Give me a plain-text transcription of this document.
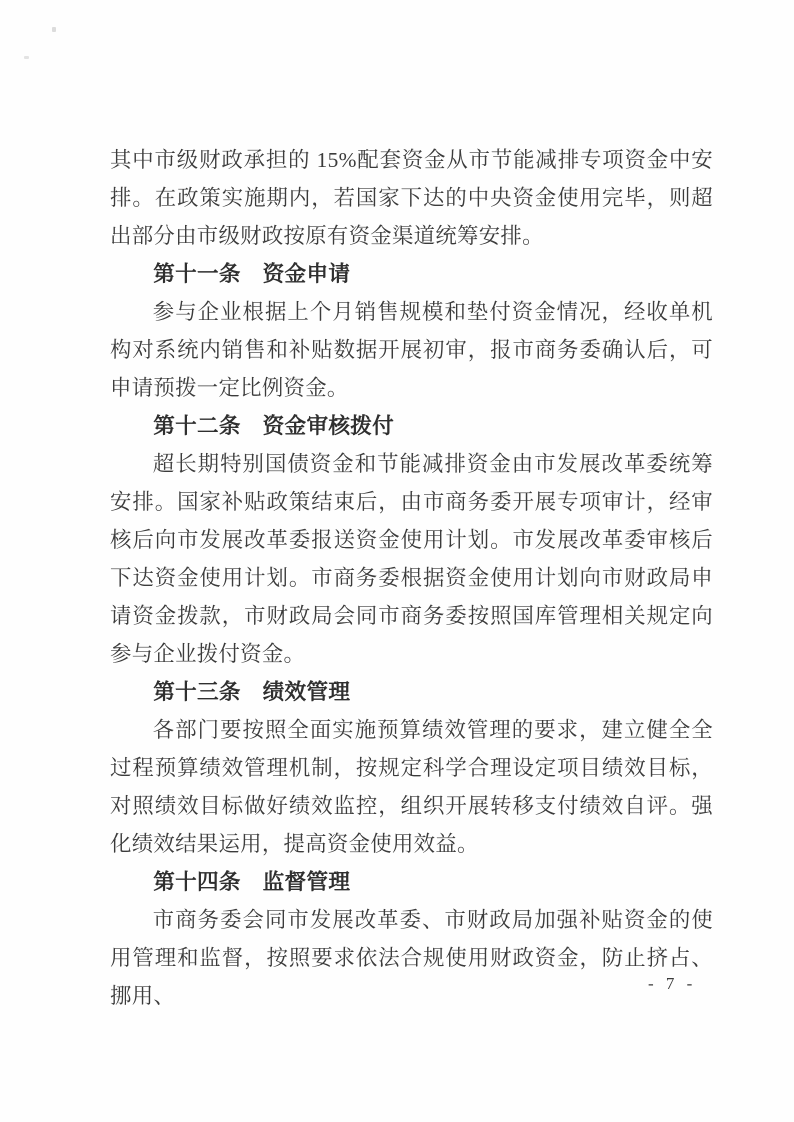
其中市级财政承担的 15%配套资金从市节能减排专项资金中安排。在政策实施期内，若国家下达的中央资金使用完毕，则超出部分由市级财政按原有资金渠道统筹安排。

第十一条　资金申请

参与企业根据上个月销售规模和垫付资金情况，经收单机构对系统内销售和补贴数据开展初审，报市商务委确认后，可申请预拨一定比例资金。

第十二条　资金审核拨付

超长期特别国债资金和节能减排资金由市发展改革委统筹安排。国家补贴政策结束后，由市商务委开展专项审计，经审核后向市发展改革委报送资金使用计划。市发展改革委审核后下达资金使用计划。市商务委根据资金使用计划向市财政局申请资金拨款，市财政局会同市商务委按照国库管理相关规定向参与企业拨付资金。

第十三条　绩效管理

各部门要按照全面实施预算绩效管理的要求，建立健全全过程预算绩效管理机制，按规定科学合理设定项目绩效目标，对照绩效目标做好绩效监控，组织开展转移支付绩效自评。强化绩效结果运用，提高资金使用效益。

第十四条　监督管理

市商务委会同市发展改革委、市财政局加强补贴资金的使用管理和监督，按照要求依法合规使用财政资金，防止挤占、挪用、

- 7 -
